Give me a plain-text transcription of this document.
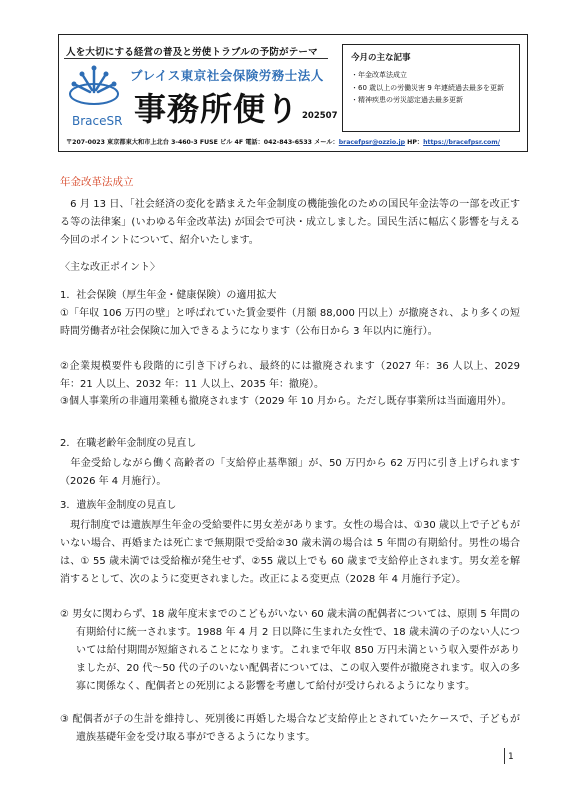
人を大切にする経営の普及と労使トラブルの予防がテーマ
BraceSR
ブレイス東京社会保険労務士法人
事務所便り 202507
〒207-0023 東京都東大和市上北台 3-460-3 FUSE ビル 4F 電話：042-843-6533 メール：bracefpsr@ozzio.jp HP：https://bracefpsr.com/
今月の主な記事
・年金改革法成立
・60 歳以上の労働災害 9 年連続過去最多を更新
・精神疾患の労災認定過去最多更新
年金改革法成立
　6 月 13 日、「社会経済の変化を踏まえた年金制度の機能強化のための国民年金法等の一部を改正する等の法律案」(いわゆる年金改革法) が国会で可決・成立しました。国民生活に幅広く影響を与える今回のポイントについて、紹介いたします。
〈主な改正ポイント〉
1．社会保険（厚生年金・健康保険）の適用拡大
①「年収 106 万円の壁」と呼ばれていた賃金要件（月額 88,000 円以上）が撤廃され、より多くの短時間労働者が社会保険に加入できるようになります（公布日から 3 年以内に施行）。
②企業規模要件も段階的に引き下げられ、最終的には撤廃されます（2027 年：36 人以上、2029 年：21 人以上、2032 年：11 人以上、2035 年：撤廃）。
③個人事業所の非適用業種も撤廃されます（2029 年 10 月から。ただし既存事業所は当面適用外）。
2．在職老齢年金制度の見直し
　年金受給しながら働く高齢者の「支給停止基準額」が、50 万円から 62 万円に引き上げられます（2026 年 4 月施行）。
3．遺族年金制度の見直し
　現行制度では遺族厚生年金の受給要件に男女差があります。女性の場合は、①30 歳以上で子どもがいない場合、再婚または死亡まで無期限で受給②30 歳未満の場合は 5 年間の有期給付。男性の場合は、① 55 歳未満では受給権が発生せず、②55 歳以上でも 60 歳まで支給停止されます。男女差を解消するとして、次のように変更されました。改正による変更点（2028 年 4 月施行予定）。
② 男女に関わらず、18 歳年度末までのこどもがいない 60 歳未満の配偶者については、原則 5 年間の有期給付に統一されます。1988 年 4 月 2 日以降に生まれた女性で、18 歳未満の子のない人については給付期間が短縮されることになります。これまで年収 850 万円未満という収入要件がありましたが、20 代～50 代の子のいない配偶者については、この収入要件が撤廃されます。収入の多寡に関係なく、配偶者との死別による影響を考慮して給付が受けられるようになります。
③ 配偶者が子の生計を維持し、死別後に再婚した場合など支給停止とされていたケースで、子どもが遺族基礎年金を受け取る事ができるようになります。
1
